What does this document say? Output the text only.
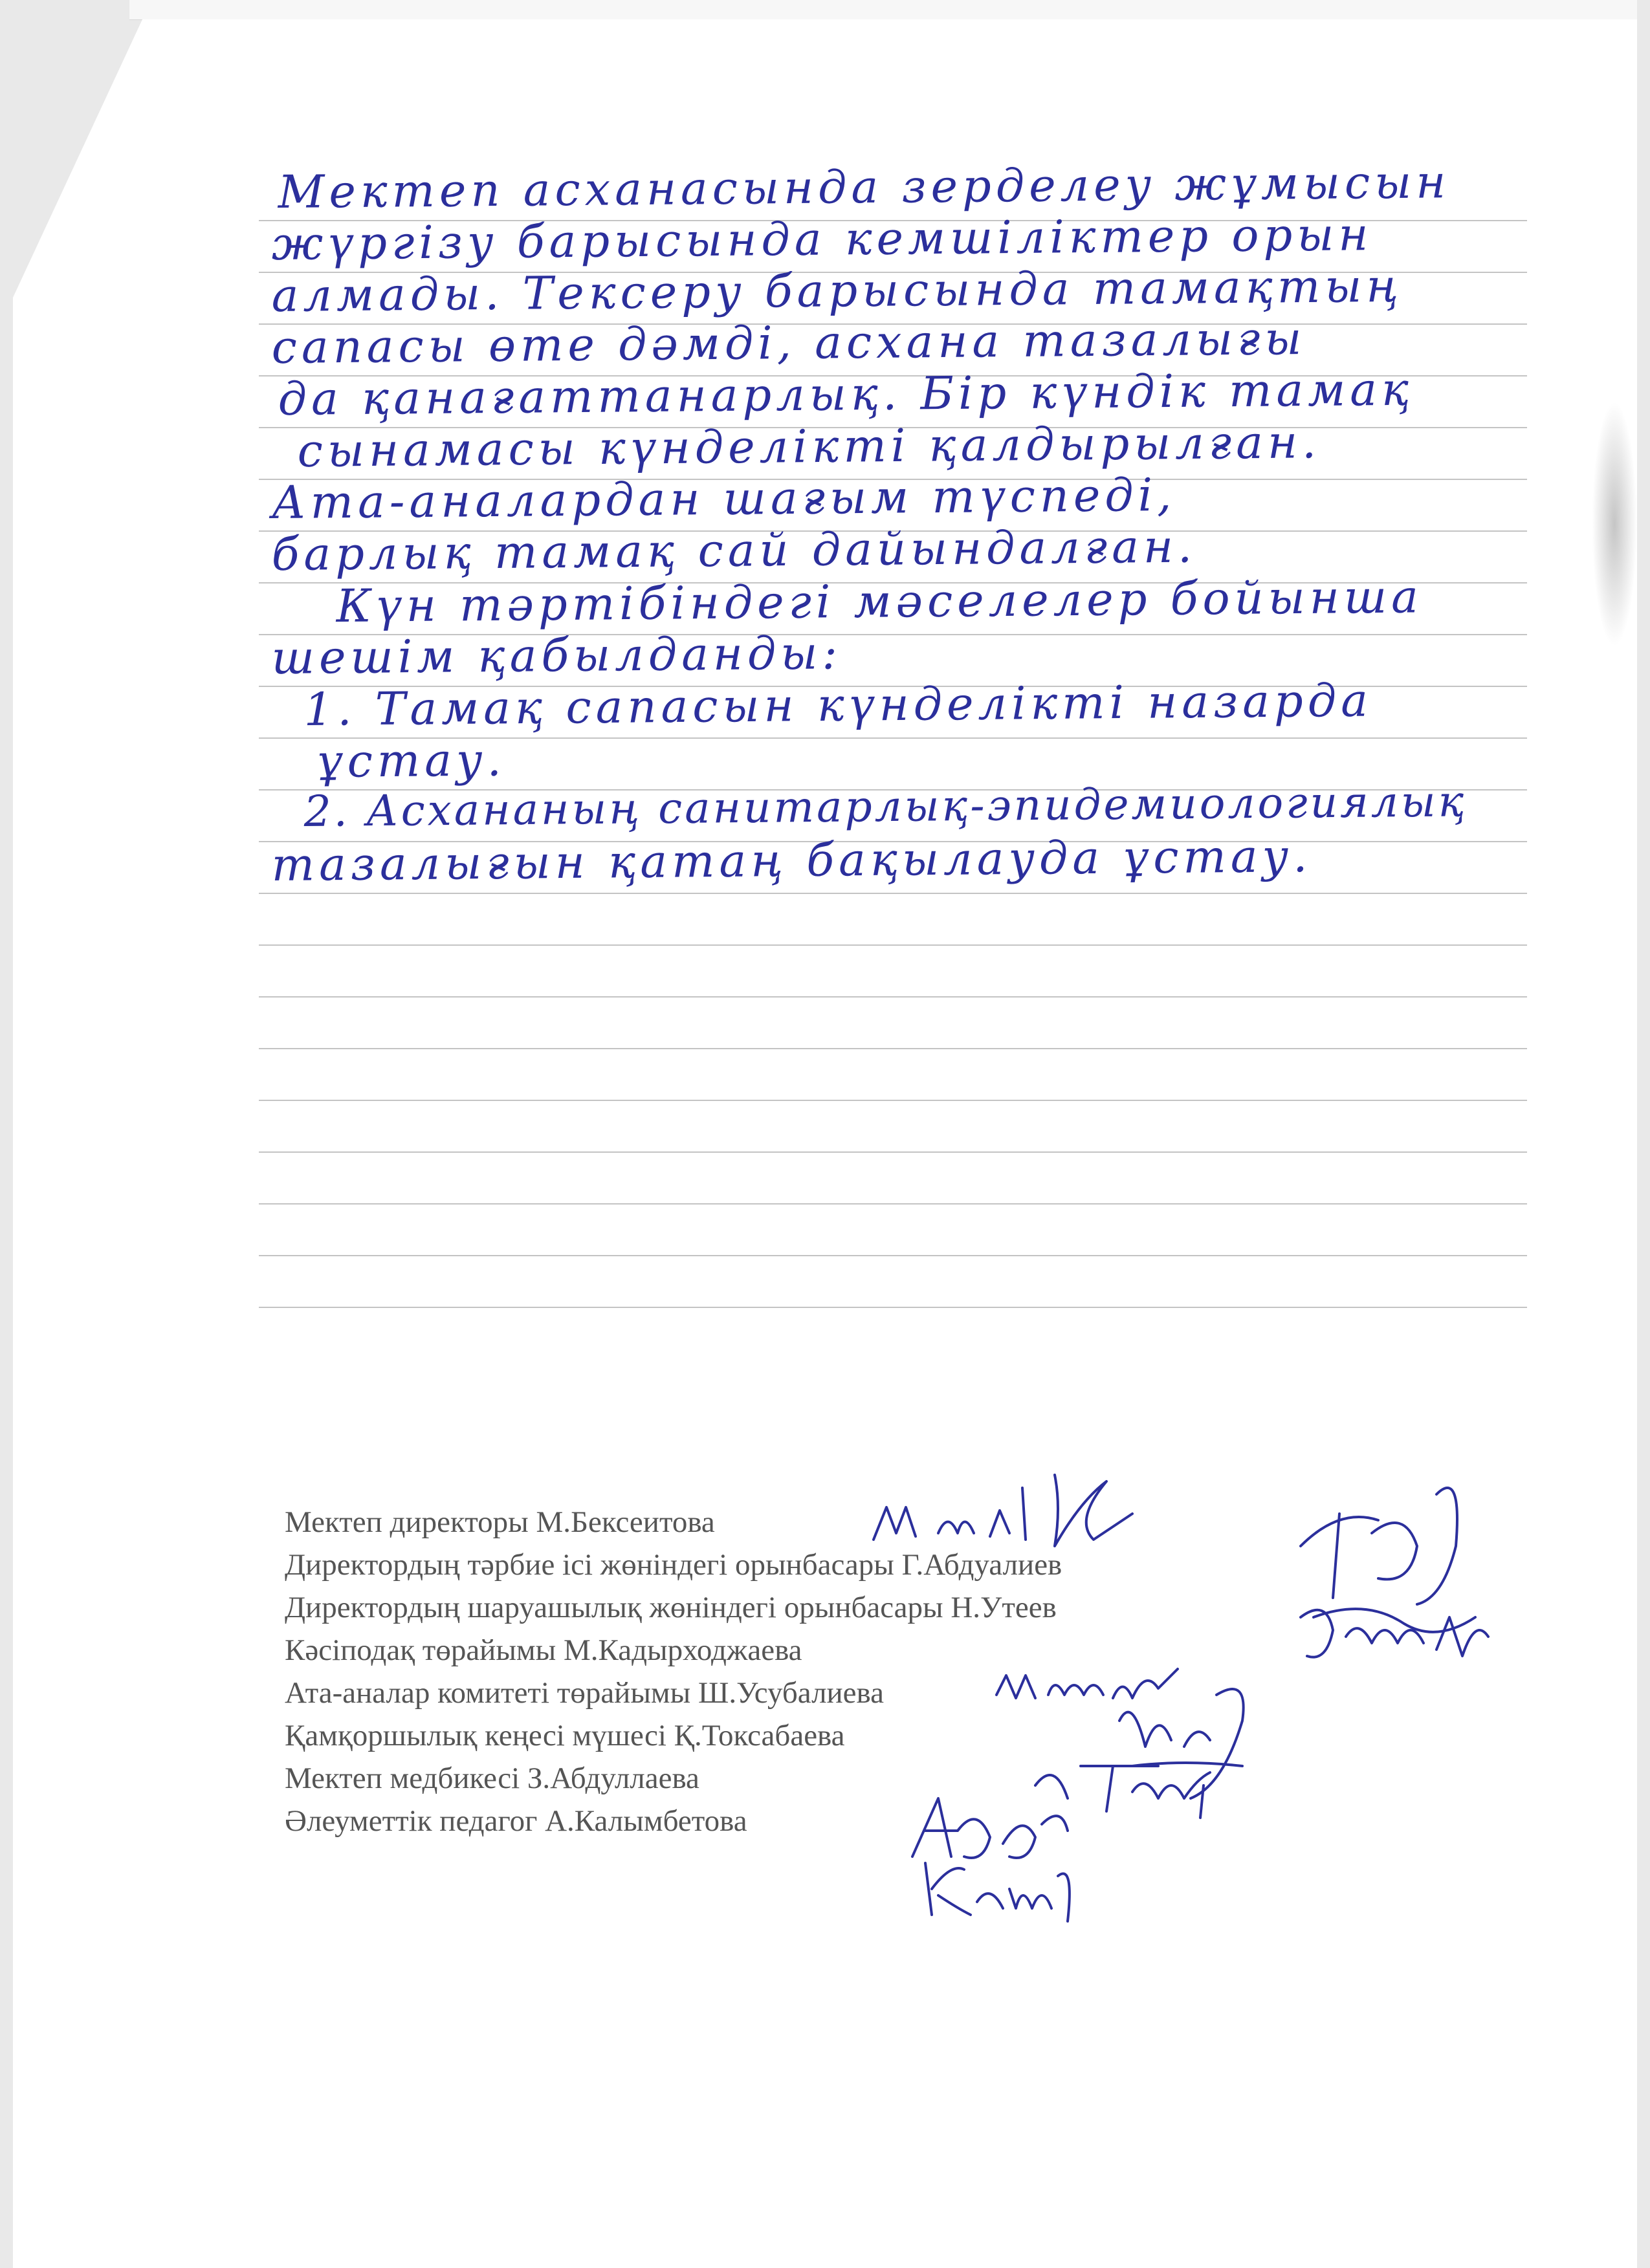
Мектеп асханасында зерделеу жұмысын
жүргізу барысында кемшіліктер орын
алмады. Тексеру барысында тамақтың
сапасы өте дәмді, асхана тазалығы
да қанағаттанарлық. Бір күндік тамақ
сынамасы күнделікті қалдырылған.
Ата-аналардан шағым түспеді,
барлық тамақ сай дайындалған.
Күн тәртібіндегі мәселелер бойынша
шешім қабылданды:
1. Тамақ сапасын күнделікті назарда
ұстау.
2. Асхананың санитарлық-эпидемиологиялық
тазалығын қатаң бақылауда ұстау.
Мектеп директоры М.Бексеитова
Директордың тәрбие ісі жөніндегі орынбасары Г.Абдуалиев
Директордың шаруашылық жөніндегі орынбасары Н.Утеев
Кәсіподақ төрайымы М.Кадырходжаева
Ата-аналар комитеті төрайымы Ш.Усубалиева
Қамқоршылық кеңесі мүшесі Қ.Токсабаева
Мектеп медбикесі З.Абдуллаева
Әлеуметтік педагог А.Калымбетова
